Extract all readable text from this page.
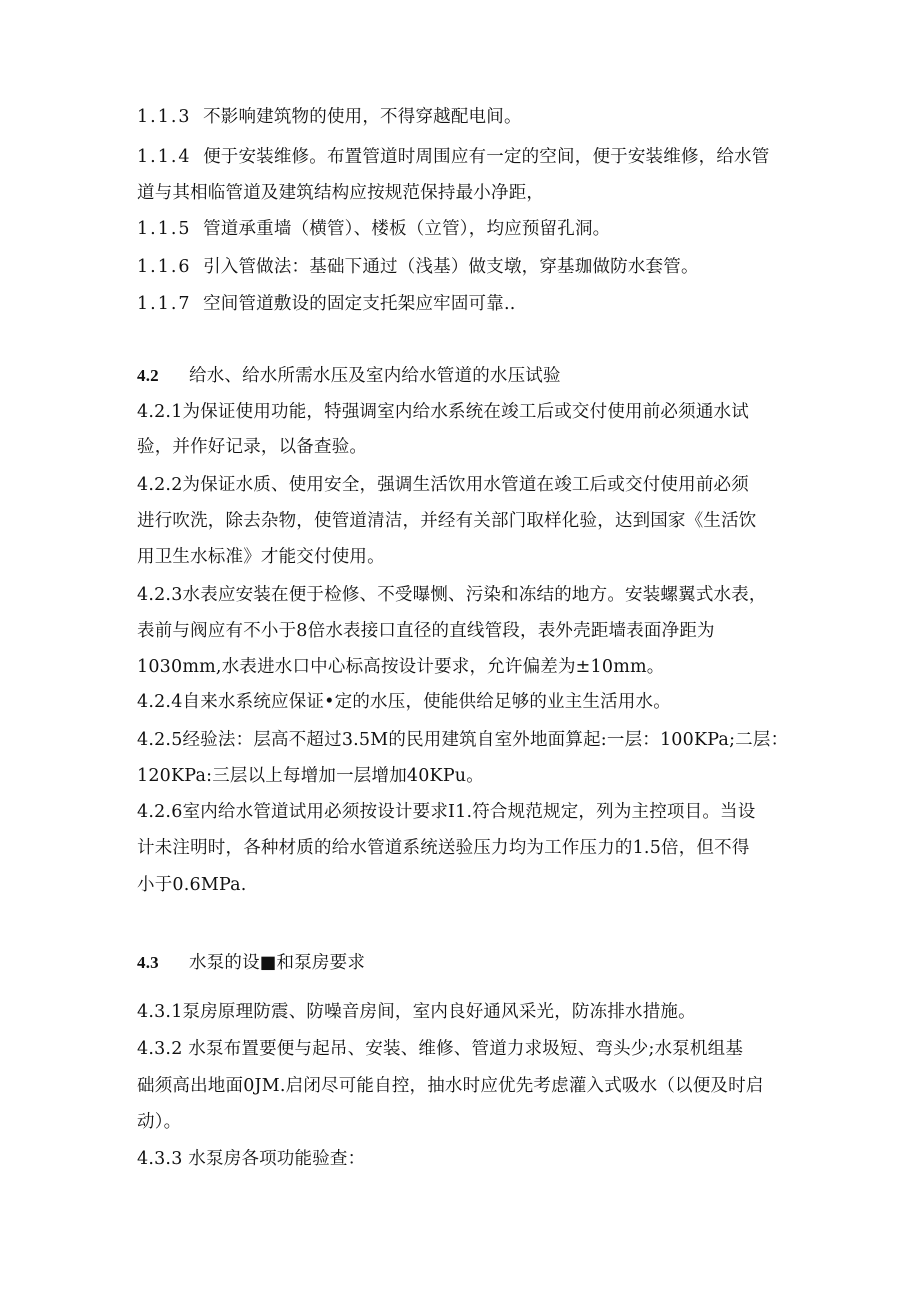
1.1.3 不影响建筑物的使用，不得穿越配电间。
1.1.4 便于安装维修。布置管道时周围应有一定的空间，便于安装维修，给水管
道与其相临管道及建筑结构应按规范保持最小净距，
1.1.5 管道承重墙（横管）、楼板（立管），均应预留孔洞。
1.1.6 引入管做法：基础下通过（浅基）做支墩，穿基珈做防水套管。
1.1.7 空间管道敷设的固定支托架应牢固可靠..
4.2 给水、给水所需水压及室内给水管道的水压试验
4.2.1为保证使用功能，特强调室内给水系统在竣工后或交付使用前必须通水试
验，并作好记录，以备查验。
4.2.2为保证水质、使用安全，强调生活饮用水管道在竣工后或交付使用前必须
进行吹洗，除去杂物，使管道清洁，并经有关部门取样化验，达到国家《生活饮
用卫生水标准》才能交付使用。
4.2.3水表应安装在便于检修、不受曝恻、污染和冻结的地方。安装螺翼式水表，
表前与阀应有不小于8倍水表接口直径的直线管段，表外壳距墙表面净距为
1030mm,水表进水口中心标高按设计要求，允许偏差为±10mm。
4.2.4自来水系统应保证•定的水压，使能供给足够的业主生活用水。
4.2.5经验法：层高不超过3.5M的民用建筑自室外地面算起:一层：100KPa;二层：
120KPa:三层以上每增加一层增加40KPu。
4.2.6室内给水管道试用必须按设计要求I1.符合规范规定，列为主控项目。当设
计未注明时，各种材质的给水管道系统送验压力均为工作压力的1.5倍，但不得
小于0.6MPa.
4.3 水泵的设■和泵房要求
4.3.1泵房原理防震、防噪音房间，室内良好通风采光，防冻排水措施。
4.3.2 水泵布置要便与起吊、安装、维修、管道力求圾短、弯头少;水泵机组基
础须高出地面0JM.启闭尽可能自控，抽水时应优先考虑灌入式吸水（以便及时启
动）。
4.3.3 水泵房各项功能验查：
